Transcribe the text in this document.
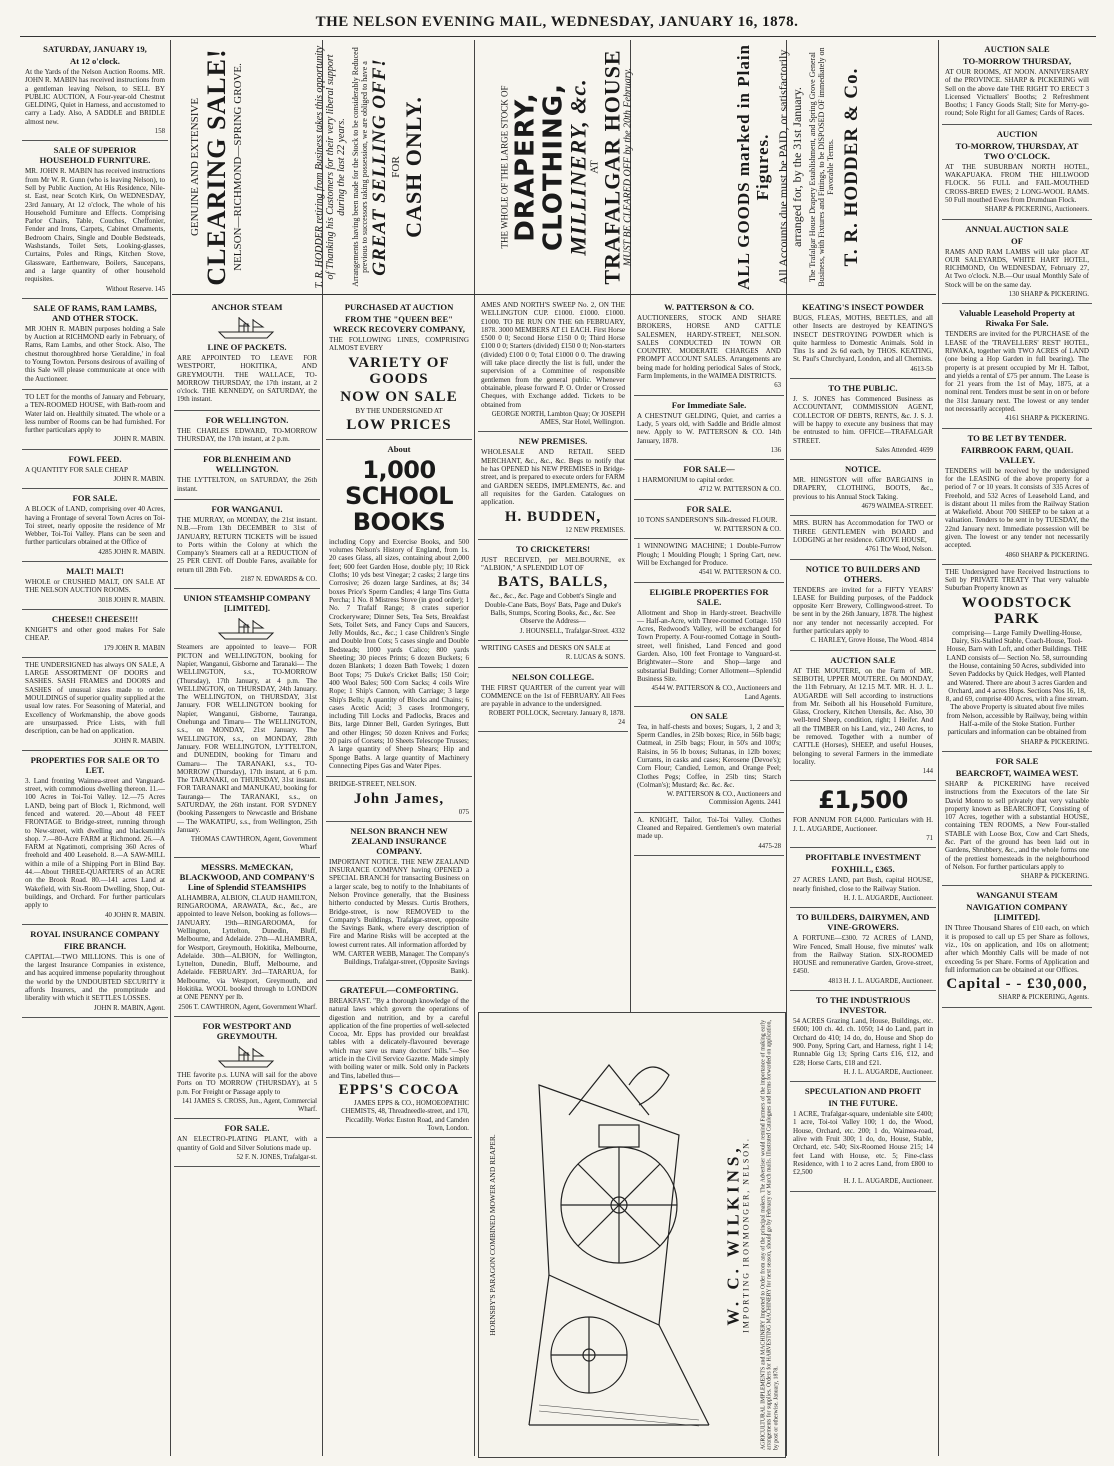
THE NELSON EVENING MAIL, WEDNESDAY, JANUARY 16, 1878.
SATURDAY, JANUARY 19,
At 12 o'clock.

At the Yards of the Nelson Auction Rooms. MR. JOHN R. MABIN has received instructions from a gentleman leaving Nelson, to SELL BY PUBLIC AUCTION, A Four-year-old Chestnut GELDING, Quiet in Harness, and accustomed to carry a Lady. Also, A SADDLE and BRIDLE almost new.

158
SALE OF SUPERIOR HOUSEHOLD FURNITURE.

MR. JOHN R. MABIN has received instructions from Mr W. R. Gunn (who is leaving Nelson), to Sell by Public Auction, At His Residence, Nile-st. East, near Scotch Kirk, On WEDNESDAY, 23rd January, At 12 o'clock, The whole of his Household Furniture and Effects. Comprising Parlor Chairs, Table, Couches, Cheffonier, Fender and Irons, Carpets, Cabinet Ornaments, Bedroom Chairs, Single and Double Bedsteads, Washstands, Toilet Sets, Looking-glasses, Curtains, Poles and Rings, Kitchen Stove, Glassware, Earthenware, Boilers, Saucepans, and a large quantity of other household requisites.

Without Reserve. 145
SALE OF RAMS, RAM LAMBS, AND OTHER STOCK.

MR JOHN R. MABIN purposes holding a Sale by Auction at RICHMOND early in February, of Rams, Ram Lambs, and other Stock. Also, The chestnut thoroughbred horse 'Geraldine,' in foal to Young Towton. Persons desirous of availing of this Sale will please communicate at once with the Auctioneer.

TO LET for the months of January and February, a TEN-ROOMED HOUSE, with Bath-room and Water laid on. Healthily situated. The whole or a less number of Rooms can be had furnished. For further particulars apply to

JOHN R. MABIN.
FOWL FEED.

A QUANTITY FOR SALE CHEAP

JOHN R. MABIN.
FOR SALE.

A BLOCK of LAND, comprising over 40 Acres, having a Frontage of several Town Acres on Toi-Toi street, nearly opposite the residence of Mr Webber, Toi-Toi Valley. Plans can be seen and further particulars obtained at the Office of

4285 JOHN R. MABIN.
MALT! MALT!

WHOLE or CRUSHED MALT, ON SALE AT THE NELSON AUCTION ROOMS.

3018 JOHN R. MABIN.
CHEESE!! CHEESE!!!

KNIGHT'S and other good makes For Sale CHEAP.

179 JOHN R. MABIN

THE UNDERSIGNED has always ON SALE, A LARGE ASSORTMENT OF DOORS and SASHES. SASH FRAMES and DOORS and SASHES of unusual sizes made to order. MOULDINGS of superior quality supplied at the usual low rates. For Seasoning of Material, and Excellency of Workmanship, the above goods are unsurpassed. Price Lists, with full description, can be had on application.

JOHN R. MABIN.
PROPERTIES FOR SALE OR TO LET.

3. Land fronting Waimea-street and Vanguard-street, with commodious dwelling thereon. 11.—100 Acres in Toi-Toi Valley. 12.—75 Acres LAND, being part of Block 1, Richmond, well fenced and watered. 20.—About 48 FEET FRONTAGE to Bridge-street, running through to New-street, with dwelling and blacksmith's shop. 7.—80-Acre FARM at Richmond. 26.—A FARM at Ngatimoti, comprising 360 Acres of freehold and 400 Leasehold. 8.—A SAW-MILL within a mile of a Shipping Port in Blind Bay. 44.—About THREE-QUARTERS of an ACRE on the Brook Road. 80.—141 acres Land at Wakefield, with Six-Room Dwelling, Shop, Out-buildings, and Orchard. For further particulars apply to

40 JOHN R. MABIN.
ROYAL INSURANCE COMPANY
FIRE BRANCH.

CAPITAL—TWO MILLIONS. This is one of the largest Insurance Companies in existence, and has acquired immense popularity throughout the world by the UNDOUBTED SECURITY it affords Insurers, and the promptitude and liberality with which it SETTLES LOSSES.

JOHN R. MABIN, Agent.
GENUINE AND EXTENSIVE CLEARING SALE! NELSON—RICHMOND—SPRING GROVE.	T. R. HODDER retiring from Business takes this opportunity of Thanking his Customers for their very liberal support during the last 22 years. Arrangements having been made for the Stock to be considerably Reduced previous to successors taking possession, we are obliged to have a GREAT SELLING OFF! FOR CASH ONLY.	THE WHOLE OF THE LARGE STOCK OF DRAPERY, CLOTHING,
MILLINERY, &c.
AT TRAFALGAR HOUSE
MUST BE CLEARED OFF by the 20th February.	ALL GOODS marked in Plain Figures. All Accounts due must be PAID, or satisfactorily arranged for, by the 31st January. The Trafalgar House Drapery Establishment, and Spring Grove General Business, with Fixtures and Fittings, to be DISPOSED OF immediately on Favorable Terms. T. R. HODDER & Co.
ANCHOR STEAM
LINE OF PACKETS.

ARE APPOINTED TO LEAVE FOR WESTPORT, HOKITIKA, AND GREYMOUTH. THE WALLACE, TO-MORROW THURSDAY, the 17th instant, at 2 o'clock. THE KENNEDY, on SATURDAY, the 19th instant.

FOR WELLINGTON.

THE CHARLES EDWARD, TO-MORROW THURSDAY, the 17th instant, at 2 p.m.

FOR BLENHEIM AND WELLINGTON.

THE LYTTELTON, on SATURDAY, the 26th instant.

FOR WANGANUI.

THE MURRAY, on MONDAY, the 21st instant. N.B.—From 13th DECEMBER to 31st of JANUARY, RETURN TICKETS will be issued to Ports within the Colony at which the Company's Steamers call at a REDUCTION of 25 PER CENT. off Double Fares, available for return till 28th Feb.

2187 N. EDWARDS & CO.
UNION STEAMSHIP COMPANY [LIMITED].

Steamers are appointed to leave— FOR PICTON and WELLINGTON, booking for Napier, Wanganui, Gisborne and Taranaki— The WELLINGTON, s.s., TO-MORROW (Thursday), 17th January, at 4 p.m. The WELLINGTON, on THURSDAY, 24th January. The WELLINGTON, on THURSDAY, 31st January. FOR WELLINGTON booking for Napier, Wanganui, Gisborne, Tauranga, Onehunga and Timaru— The WELLINGTON, s.s., on MONDAY, 21st January. The WELLINGTON, s.s., on MONDAY, 28th January. FOR WELLINGTON, LYTTELTON, and DUNEDIN, booking for Timaru and Oamaru— The TARANAKI, s.s., TO-MORROW (Thursday), 17th instant, at 6 p.m. The TARANAKI, on THURSDAY, 31st instant. FOR TARANAKI and MANUKAU, booking for Tauranga— The TARANAKI, s.s., on SATURDAY, the 26th instant. FOR SYDNEY (booking Passengers to Newcastle and Brisbane— The WAKATIPU, s.s., from Wellington, 25th January.

THOMAS CAWTHRON, Agent, Government Wharf
MESSRS. McMECKAN, BLACKWOOD, AND COMPANY'S Line of Splendid STEAMSHIPS

ALHAMBRA, ALBION, CLAUD HAMILTON, RINGAROOMA, ARAWATA, &c., &c., are appointed to leave Nelson, booking as follows— JANUARY. 19th—RINGAROOMA, for Wellington, Lyttelton, Dunedin, Bluff, Melbourne, and Adelaide. 27th—ALHAMBRA, for Westport, Greymouth, Hokitika, Melbourne, Adelaide. 30th—ALBION, for Wellington, Lyttelton, Dunedin, Bluff, Melbourne, and Adelaide. FEBRUARY. 3rd—TARARUA, for Melbourne, via Westport, Greymouth, and Hokitika. WOOL booked through to LONDON at ONE PENNY per lb.

2506 T. CAWTHRON, Agent, Government Wharf.
FOR WESTPORT AND GREYMOUTH.

THE favorite p.s. LUNA will sail for the above Ports on TO MORROW (THURSDAY), at 5 p.m. For Freight or Passage apply to

141 JAMES S. CROSS, Jun., Agent, Commercial Wharf.
FOR SALE.

AN ELECTRO-PLATING PLANT, with a quantity of Gold and Silver Solutions made up.

52 F. N. JONES, Trafalgar-st.
PURCHASED AT AUCTION
FROM THE "QUEEN BEE" WRECK RECOVERY COMPANY,

THE FOLLOWING LINES, COMPRISING ALMOST EVERY

VARIETY OF GOODS
NOW ON SALE

BY THE UNDERSIGNED AT

LOW PRICES
About
1,000 SCHOOL BOOKS

including Copy and Exercise Books, and 500 volumes Nelson's History of England, from 1s. 20 cases Glass, all sizes, containing about 2,000 feet; 600 feet Garden Hose, double ply; 10 Rick Cloths; 10 yds best Vinegar; 2 casks; 2 large tins Corrosive; 26 dozen large Sardines, at 8s; 34 boxes Price's Sperm Candles; 4 large Tins Gutta Percha; 1 No. 8 Mistress Stove (in good order); 1 No. 7 Trafalf Range; 8 crates superior Crockeryware; Dinner Sets, Tea Sets, Breakfast Sets, Toilet Sets, and Fancy Cups and Saucers, Jelly Moulds, &c., &c.; 1 case Children's Single and Double Iron Cots; 5 cases single and Double Bedsteads; 1000 yards Calico; 800 yards Sheeting; 30 pieces Prints; 6 dozen Buckets; 6 dozen Blankets; 1 dozen Bath Towels; 1 dozen Boot Tops; 75 Duke's Cricket Balls; 150 Coir; 400 Wool Bales; 500 Corn Sacks; 4 coils Wire Rope; 1 Ship's Cannon, with Carriage; 3 large Ship's Bells; A quantity of Blocks and Chains; 6 cases Acetic Acid; 3 cases Ironmongery, including Till Locks and Padlocks, Braces and Bits, large Dinner Bell, Garden Syringes, Butt and other Hinges; 50 dozen Knives and Forks; 20 pairs of Corsets; 10 Sheets Telescope Trusses; A large quantity of Sheep Shears; Hip and Sponge Baths. A large quantity of Machinery Connecting Pipes Gas and Water Pipes.

BRIDGE-STREET, NELSON.

John James,
075
NELSON BRANCH NEW ZEALAND INSURANCE COMPANY.

IMPORTANT NOTICE. THE NEW ZEALAND INSURANCE COMPANY having OPENED a SPECIAL BRANCH for transacting Business on a larger scale, beg to notify to the Inhabitants of Nelson Province generally, that the Business hitherto conducted by Messrs. Curtis Brothers, Bridge-street, is now REMOVED to the Company's Buildings, Trafalgar-street, opposite the Savings Bank, where every description of Fire and Marine Risks will be accepted at the lowest current rates. All information afforded by

WM. CARTER WEBB, Manager. The Company's Buildings, Trafalgar-street, (Opposite Savings Bank).
GRATEFUL—COMFORTING.

BREAKFAST. "By a thorough knowledge of the natural laws which govern the operations of digestion and nutrition, and by a careful application of the fine properties of well-selected Cocoa, Mr. Epps has provided our breakfast tables with a delicately-flavoured beverage which may save us many doctors' bills."—See article in the Civil Service Gazette. Made simply with boiling water or milk. Sold only in Packets and Tins, labelled thus—

EPPS'S COCOA
JAMES EPPS & CO., HOMOEOPATHIC CHEMISTS, 48, Threadneedle-street, and 170, Piccadilly. Works: Euston Road, and Camden Town, London.

AMES AND NORTH'S SWEEP No. 2, ON THE WELLINGTON CUP. £1000. £1000. £1000. £1000. TO BE RUN ON THE 6th FEBRUARY, 1878. 3000 MEMBERS AT £1 EACH. First Horse £500 0 0; Second Horse £150 0 0; Third Horse £100 0 0; Starters (divided) £150 0 0; Non-starters (divided) £100 0 0; Total £1000 0 0. The drawing will take place directly the list is full, under the supervision of a Committee of responsible gentlemen from the general public. Whenever obtainable, please forward P. O. Order or Crossed Cheques, with Exchange added. Tickets to be obtained from

GEORGE NORTH, Lambton Quay; Or JOSEPH AMES, Star Hotel, Wellington.
NEW PREMISES.

WHOLESALE AND RETAIL SEED MERCHANT, &c., &c., &c. Begs to notify that he has OPENED his NEW PREMISES in Bridge-street, and is prepared to execute orders for FARM and GARDEN SEEDS, IMPLEMENTS, &c. and all requisites for the Garden. Catalogues on application.

H. BUDDEN,
12 NEW PREMISES.
TO CRICKETERS!

JUST RECEIVED, per MELBOURNE, ex "ALBION," A SPLENDID LOT OF

BATS, BALLS,

&c., &c., &c. Page and Cobbett's Single and Double-Cane Bats, Boys' Bats, Page and Duke's Balls, Stumps, Scoring Books, &c., &c. See Observe the Address—

J. HOUNSELL, Trafalgar-Street. 4332

WRITING CASES and DESKS ON SALE at

R. LUCAS & SON'S.
NELSON COLLEGE.

THE FIRST QUARTER of the current year will COMMENCE on the 1st of FEBRUARY. All Fees are payable in advance to the undersigned.

ROBERT POLLOCK, Secretary. January 8, 1878. 24
W. PATTERSON & CO.

AUCTIONEERS, STOCK AND SHARE BROKERS, HORSE AND CATTLE SALESMEN, HARDY-STREET, NELSON. SALES CONDUCTED IN TOWN OR COUNTRY. MODERATE CHARGES AND PROMPT ACCOUNT SALES. Arrangements are being made for holding periodical Sales of Stock, Farm Implements, in the WAIMEA DISTRICTS.

63
For Immediate Sale.

A CHESTNUT GELDING, Quiet, and carries a Lady, 5 years old, with Saddle and Bridle almost new. Apply to W. PATTERSON & CO. 14th January, 1878.

136
FOR SALE—

1 HARMONIUM to capital order.

4712 W. PATTERSON & CO.
FOR SALE.

10 TONS SANDERSON'S Silk-dressed FLOUR.

W. PATTERSON & CO.

1 WINNOWING MACHINE; 1 Double-Furrow Plough; 1 Moulding Plough; 1 Spring Cart, new. Will be Exchanged for Produce.

4541 W. PATTERSON & CO.
ELIGIBLE PROPERTIES FOR SALE.

Allotment and Shop in Hardy-street. Beachville — Half-an-Acre, with Three-roomed Cottage. 150 Acres, Redwood's Valley, will be exchanged for Town Property. A Four-roomed Cottage in South-street, well finished, Land Fenced and good Garden. Also, 100 feet Frontage to Vanguard-st. Brightwater—Store and Shop—large and substantial Building; Corner Allotment—Splendid Business Site.

4544 W. PATTERSON & CO., Auctioneers and Land Agents.
ON SALE

Tea, in half-chests and boxes; Sugars, 1, 2 and 3; Sperm Candles, in 25lb boxes; Rice, in 56lb bags; Oatmeal, in 25lb bags; Flour, in 50's and 100's; Raisins, in 56 lb boxes; Sultanas, in 12lb boxes; Currants, in casks and cases; Kerosene (Devoe's); Corn Flour; Candied, Lemon, and Orange Peel; Clothes Pegs; Coffee, in 25lb tins; Starch (Colman's); Mustard; &c. &c. &c.

W. PATTERSON & CO., Auctioneers and Commission Agents. 2441

A. KNIGHT, Tailor, Toi-Toi Valley. Clothes Cleaned and Repaired. Gentlemen's own material made up.

4475-28
HORNSBY'S PARAGON COMBINED MOWER AND REAPER.	W. C. WILKINS, IMPORTING IRONMONGER, NELSON. AGRICULTURAL IMPLEMENTS and MACHINERY Imported to Order from any of the principal makers. The Advertiser would remind Farmers of the importance of making early arrangements for supplies. Orders for HARVESTING MACHINERY for next season, should go by February or March mails. Illustrated Catalogues and terms forwarded on application, by post or otherwise. January, 1878.
KEATING'S INSECT POWDER

BUGS, FLEAS, MOTHS, BEETLES, and all other Insects are destroyed by KEATING'S INSECT DESTROYING POWDER which is quite harmless to Domestic Animals. Sold in Tins 1s and 2s 6d each, by THOS. KEATING, St. Paul's Churchyard, London, and all Chemists.

4613-5b
TO THE PUBLIC.

J. S. JONES has Commenced Business as ACCOUNTANT, COMMISSION AGENT, COLLECTOR OF DEBTS, RENTS, &c. J. S. J. will be happy to execute any business that may be entrusted to him. OFFICE—TRAFALGAR STREET.

Sales Attended. 4699
NOTICE.

MR. HINGSTON will offer BARGAINS in DRAPERY, CLOTHING, BOOTS, &c., previous to his Annual Stock Taking.

4679 WAIMEA-STREET.

MRS. BURN has Accommodation for TWO or THREE GENTLEMEN with BOARD and LODGING at her residence. GROVE HOUSE,

4761 The Wood, Nelson.
NOTICE TO BUILDERS AND OTHERS.

TENDERS are invited for a FIFTY YEARS' LEASE for Building purposes, of the Paddock opposite Kerr Brewery, Collingwood-street. To be sent in by the 26th January, 1878. The highest nor any tender not necessarily accepted. For further particulars apply to

C. HARLEY, Grove House, The Wood. 4814
AUCTION SALE

AT THE MOUTERE, on the Farm of MR. SEIBOTH, UPPER MOUTERE. On MONDAY, the 11th February, At 12.15 M.T. MR. H. J. L. AUGARDE will Sell according to instructions from Mr. Seiboth all his Household Furniture, Glass, Crockery, Kitchen Utensils, &c. Also, 30 well-bred Sheep, condition, right; 1 Heifer. And all the TIMBER on his Land, viz., 240 Acres, to be removed. Together with a number of CATTLE (Horses), SHEEP, and useful Houses, belonging to several Farmers in the immediate locality.

144
£1,500

FOR ANNUM FOR £4,000. Particulars with H. J. L. AUGARDE, Auctioneer.

71
PROFITABLE INVESTMENT
FOXHILL, £365.

27 ACRES LAND, part Bush, capital HOUSE, nearly finished, close to the Railway Station.

H. J. L. AUGARDE, Auctioneer.
TO BUILDERS, DAIRYMEN, AND VINE-GROWERS.

A FORTUNE—£300. 72 ACRES of LAND, Wire Fenced, Small House, five minutes' walk from the Railway Station. SIX-ROOMED HOUSE and remunerative Garden, Grove-street, £450.

4813 H. J. L. AUGARDE, Auctioneer.
TO THE INDUSTRIOUS INVESTOR.

54 ACRES Grazing Land, House, Buildings, etc. £600; 100 ch. 4d. ch. 1050; 14 do Land, part in Orchard do 410; 14 do, do, House and Shop do 900. Pony, Spring Cart, and Harness, right 1 14; Runnable Gig 13; Spring Carts £16, £12, and £28; Horse Carts, £18 and £21.

H. J. L. AUGARDE, Auctioneer.
SPECULATION AND PROFIT
IN THE FUTURE.

1 ACRE, Trafalgar-square, undeniable site £400; 1 acre, Toi-toi Valley 100; 1 do, the Wood, House, Orchard, etc. 200; 1 do, Waimea-road, alive with Fruit 300; 1 do, do, House, Stable, Orchard, etc. 540; Six-Roomed House 215; 14 feet Land with House, etc. 5; Fine-class Residence, with 1 to 2 acres Land, from £800 to £2,500

H. J. L. AUGARDE, Auctioneer.
AUCTION SALE
TO-MORROW THURSDAY,

AT OUR ROOMS, AT NOON. ANNIVERSARY of the PROVINCE. SHARP & PICKERING will Sell on the above date THE RIGHT TO ERECT 3 Licensed Victuallers' Booths; 2 Refreshment Booths; 1 Fancy Goods Stall; Site for Merry-go-round; Sole Right for all Games; Cards of Races.

AUCTION
TO-MORROW, THURSDAY, AT TWO O'CLOCK.

AT THE SUBURBAN NORTH HOTEL, WAKAPUAKA. FROM THE HILLWOOD FLOCK. 56 FULL and FAIL-MOUTHED CROSS-BRED EWES; 2 LONG-WOOL RAMS. 50 Full mouthed Ewes from Drumduan Flock.

SHARP & PICKERING, Auctioneers.
ANNUAL AUCTION SALE
OF

RAMS AND RAM LAMBS will take place AT OUR SALEYARDS, WHITE HART HOTEL, RICHMOND, On WEDNESDAY, February 27, At Two o'clock. N.B.—Our usual Monthly Sale of Stock will be on the same day.

130 SHARP & PICKERING.
Valuable Leasehold Property at Riwaka For Sale.

TENDERS are invited for the PURCHASE of the LEASE of the 'TRAVELLERS' REST' HOTEL, RIWAKA, together with TWO ACRES of LAND (one being a Hop Garden in full bearing). The property is at present occupied by Mr H. Talbot, and yields a rental of £75 per annum. The Lease is for 21 years from the 1st of May, 1875, at a nominal rent. Tenders must be sent in on or before the 31st January next. The lowest or any tender not necessarily accepted.

4161 SHARP & PICKERING.
TO BE LET BY TENDER.
FAIRBROOK FARM, QUAIL VALLEY.

TENDERS will be received by the undersigned for the LEASING of the above property for a period of 7 or 10 years. It consists of 335 Acres of Freehold, and 532 Acres of Leasehold Land, and is distant about 11 miles from the Railway Station at Wakefield. About 700 SHEEP to be taken at a valuation. Tenders to be sent in by TUESDAY, the 22nd January next. Immediate possession will be given. The lowest or any tender not necessarily accepted.

4860 SHARP & PICKERING.

THE Undersigned have Received Instructions to Sell by PRIVATE TREATY That very valuable Suburban Property known as

WOODSTOCK PARK

comprising— Large Family Dwelling-House, Dairy, Six-Stalled Stable, Coach-House, Tool-House, Barn with Loft, and other Buildings. THE LAND consists of— Section No. 58, surrounding the House, containing 50 Acres, subdivided into Seven Paddocks by Quick Hedges, well Planted and Watered. There are about 3 acres Garden and Orchard, and 4 acres Hops. Sections Nos 16, 18, 8, and 69, comprise 400 Acres, with a fine stream. The above Property is situated about five miles from Nelson, accessible by Railway, being within Half-a-mile of the Stoke Station. Further particulars and information can be obtained from

SHARP & PICKERING.
FOR SALE
BEARCROFT, WAIMEA WEST.

SHARP & PICKERING have received instructions from the Executors of the late Sir David Monro to sell privately that very valuable property known as BEARCROFT, Consisting of 107 Acres, together with a substantial HOUSE, containing TEN ROOMS, a New Four-stalled STABLE with Loose Box, Cow and Cart Sheds, &c. Part of the ground has been laid out in Gardens, Shrubbery, &c., and the whole forms one of the prettiest homesteads in the neighbourhood of Nelson. For further particulars apply to

SHARP & PICKERING.
WANGANUI STEAM
NAVIGATION COMPANY [LIMITED].

IN Three Thousand Shares of £10 each, on which it is proposed to call up £5 per Share as follows, viz., 10s on application, and 10s on allotment; after which Monthly Calls will be made of not exceeding 5s per Share. Forms of Application and full information can be obtained at our Offices.

Capital - - £30,000,
SHARP & PICKERING, Agents.
